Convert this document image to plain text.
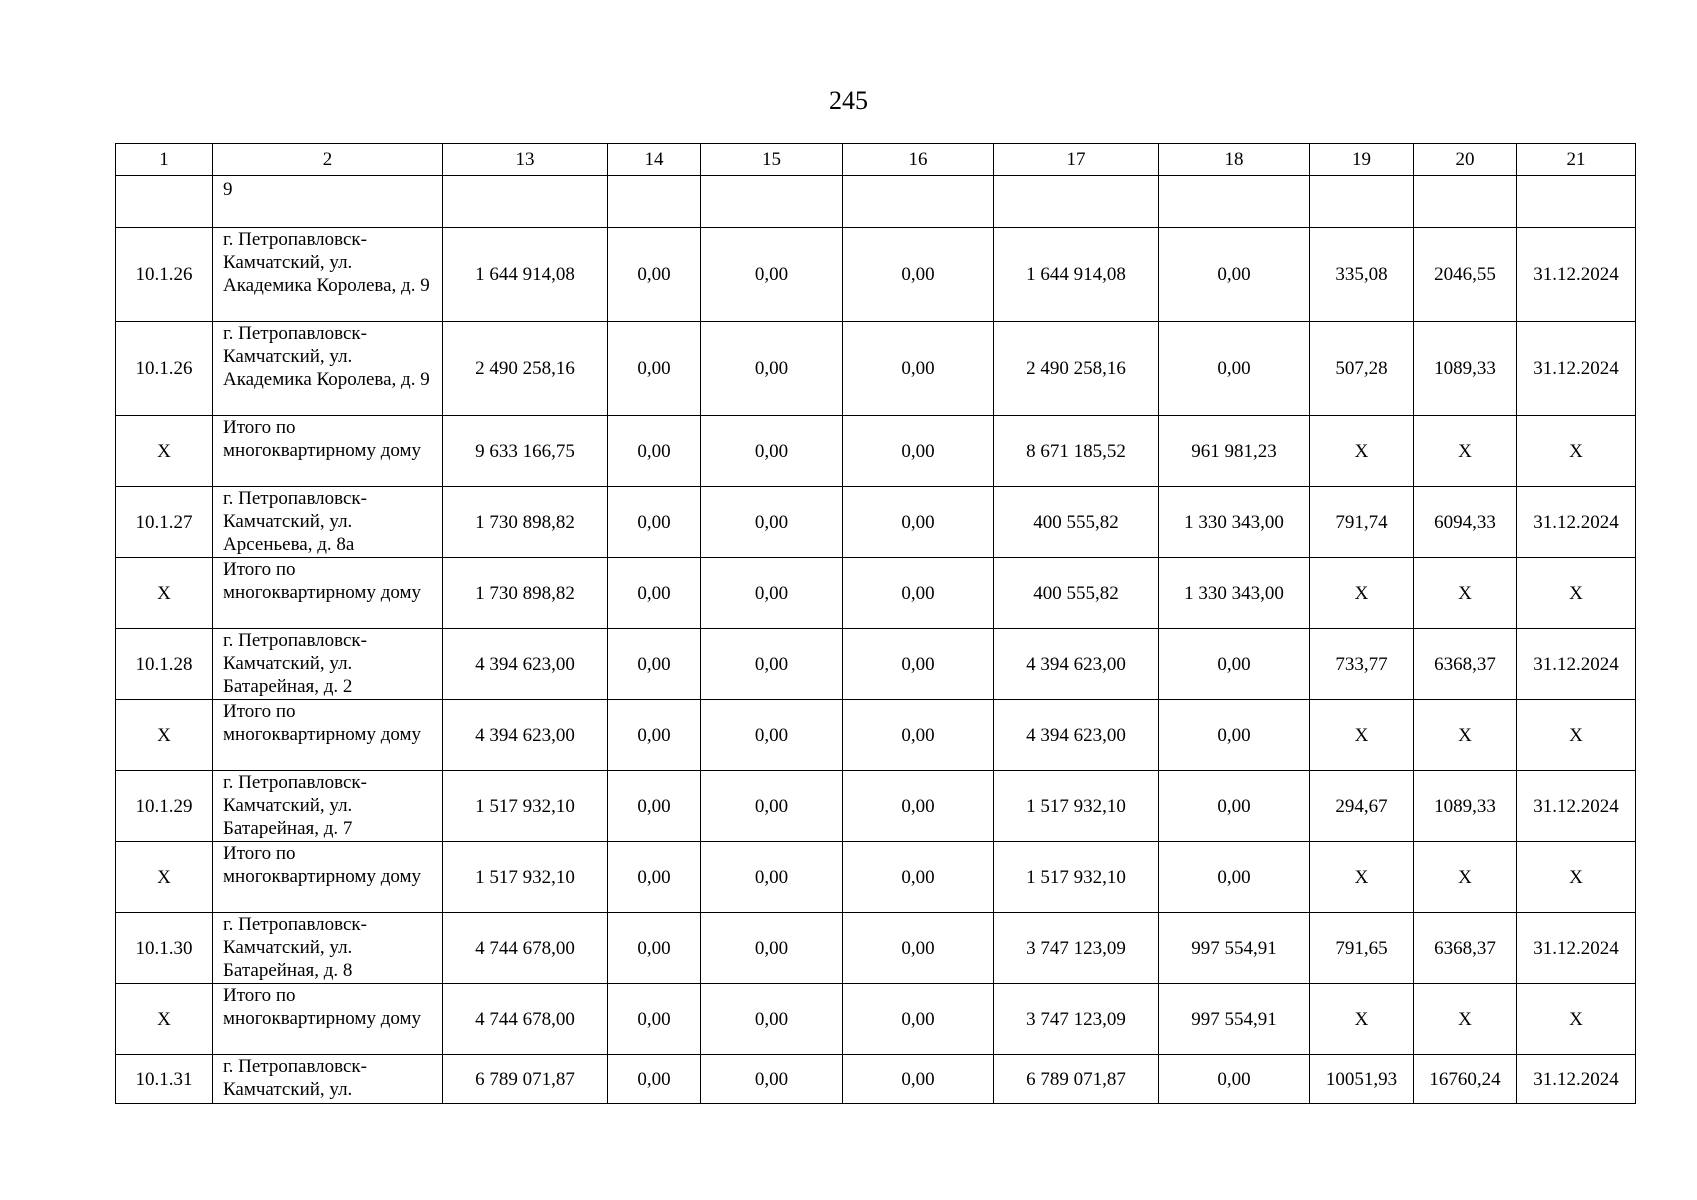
245
1	2	13	14	15	16	17	18	19	20	21
	9									
10.1.26	г. Петропавловск-Камчатский, ул. Академика Королева, д. 9	1 644 914,08	0,00	0,00	0,00	1 644 914,08	0,00	335,08	2046,55	31.12.2024
10.1.26	г. Петропавловск-Камчатский, ул. Академика Королева, д. 9	2 490 258,16	0,00	0,00	0,00	2 490 258,16	0,00	507,28	1089,33	31.12.2024
X	Итого по многоквартирному дому	9 633 166,75	0,00	0,00	0,00	8 671 185,52	961 981,23	X	X	X
10.1.27	г. Петропавловск-Камчатский, ул. Арсеньева, д. 8а	1 730 898,82	0,00	0,00	0,00	400 555,82	1 330 343,00	791,74	6094,33	31.12.2024
X	Итого по многоквартирному дому	1 730 898,82	0,00	0,00	0,00	400 555,82	1 330 343,00	X	X	X
10.1.28	г. Петропавловск-Камчатский, ул. Батарейная, д. 2	4 394 623,00	0,00	0,00	0,00	4 394 623,00	0,00	733,77	6368,37	31.12.2024
X	Итого по многоквартирному дому	4 394 623,00	0,00	0,00	0,00	4 394 623,00	0,00	X	X	X
10.1.29	г. Петропавловск-Камчатский, ул. Батарейная, д. 7	1 517 932,10	0,00	0,00	0,00	1 517 932,10	0,00	294,67	1089,33	31.12.2024
X	Итого по многоквартирному дому	1 517 932,10	0,00	0,00	0,00	1 517 932,10	0,00	X	X	X
10.1.30	г. Петропавловск-Камчатский, ул. Батарейная, д. 8	4 744 678,00	0,00	0,00	0,00	3 747 123,09	997 554,91	791,65	6368,37	31.12.2024
X	Итого по многоквартирному дому	4 744 678,00	0,00	0,00	0,00	3 747 123,09	997 554,91	X	X	X
10.1.31	г. Петропавловск-Камчатский, ул.	6 789 071,87	0,00	0,00	0,00	6 789 071,87	0,00	10051,93	16760,24	31.12.2024
